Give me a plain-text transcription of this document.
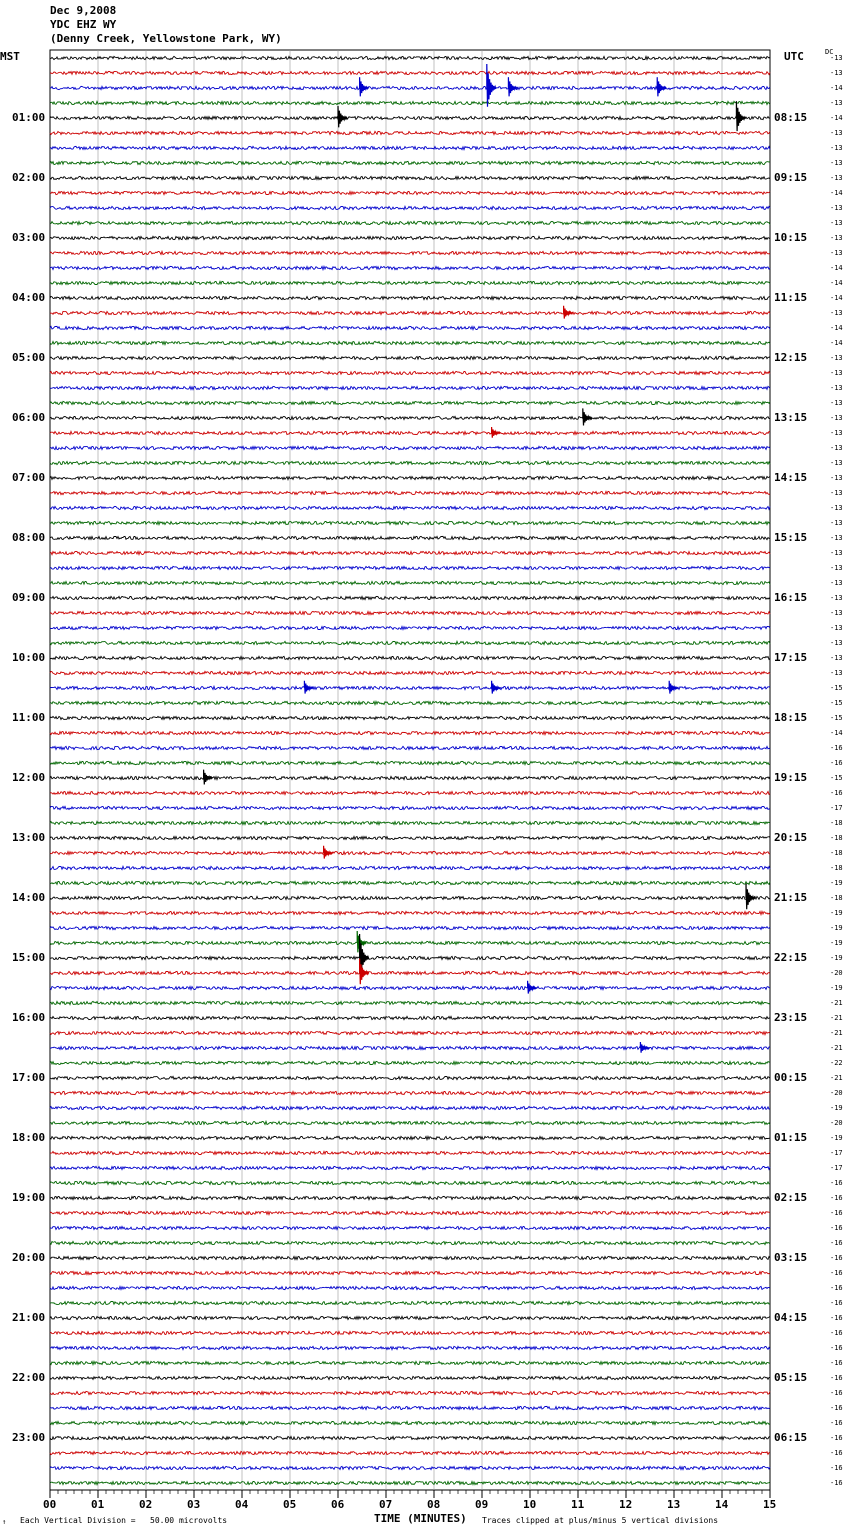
Dec 9,2008
YDC EHZ WY
(Denny Creek, Yellowstone Park, WY)
MST	UTC	DC
00	01	02	03	04	05	06	07	08	09	10	11	12	13	14	15
01:00
02:00
03:00
04:00
05:00
06:00
07:00
08:00
09:00
10:00
11:00
12:00
13:00
14:00
15:00
16:00
17:00
18:00
19:00
20:00
21:00
22:00
23:00
08:15
09:15
10:15
11:15
12:15
13:15
14:15
15:15
16:15
17:15
18:15
19:15
20:15
21:15
22:15
23:15
00:15
01:15
02:15
03:15
04:15
05:15
06:15
-13
-13
-14
-13
-14
-13
-13
-13
-13
-14
-13
-13
-13
-13
-14
-14
-14
-13
-14
-14
-13
-13
-13
-13
-13
-13
-13
-13
-13
-13
-13
-13
-13
-13
-13
-13
-13
-13
-13
-13
-13
-13
-15
-15
-15
-14
-16
-16
-15
-16
-17
-18
-18
-18
-18
-19
-18
-19
-19
-19
-19
-20
-19
-21
-21
-21
-21
-22
-21
-20
-19
-20
-19
-17
-17
-16
-16
-16
-16
-16
-16
-16
-16
-16
-16
-16
-16
-16
-16
-16
-16
-16
-16
-16
-16
-16
Each Vertical Division =   50.00 microvolts
↑	TIME (MINUTES) Traces clipped at plus/minus 5 vertical divisions
